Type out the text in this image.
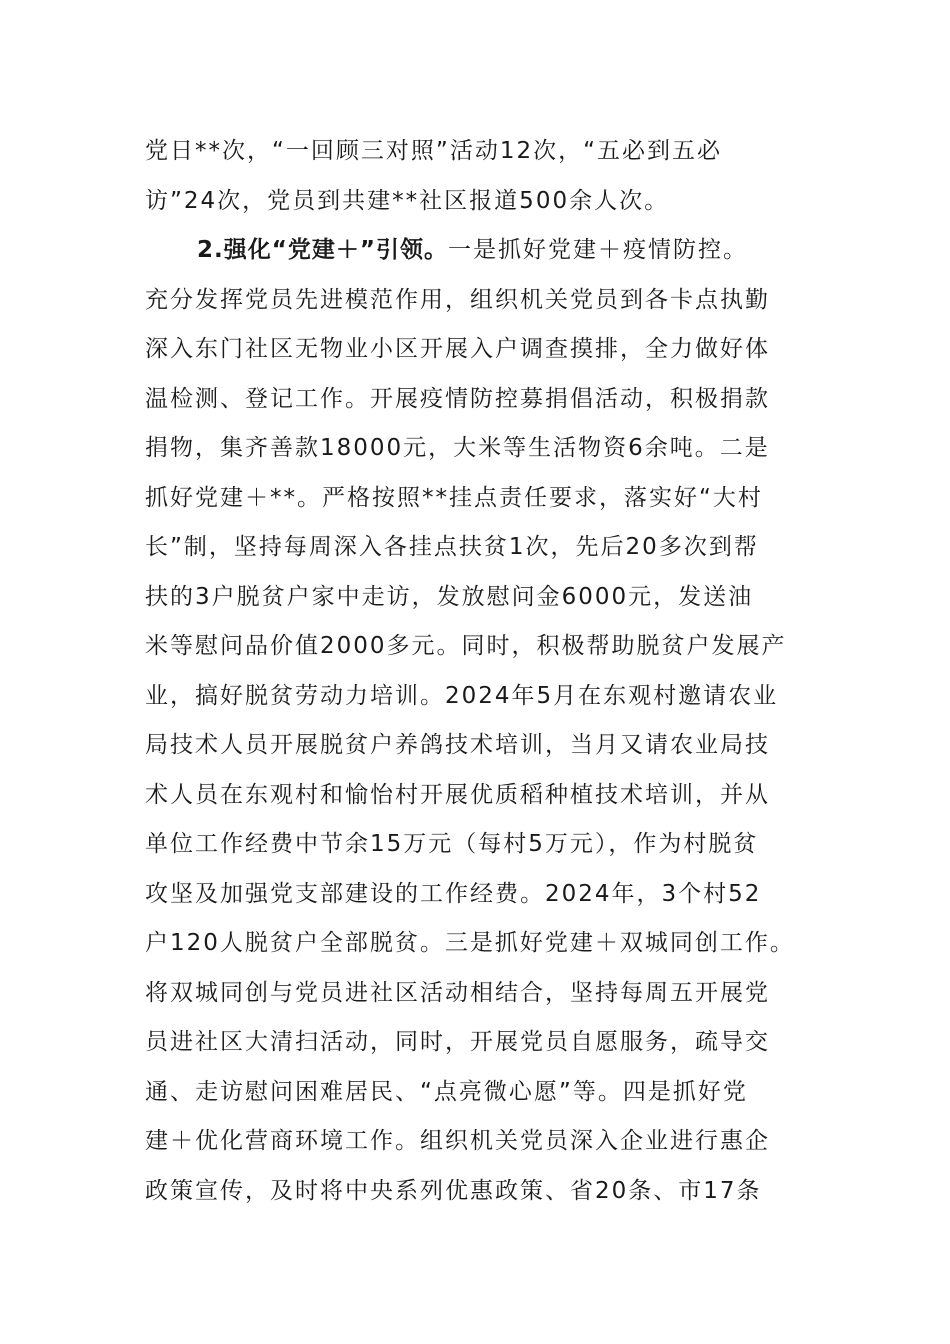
党日**次，“一回顾三对照”活动12次，“五必到五必
访”24次，党员到共建**社区报道500余人次。
2.强化“党建＋”引领。一是抓好党建＋疫情防控。
充分发挥党员先进模范作用，组织机关党员到各卡点执勤
深入东门社区无物业小区开展入户调查摸排，全力做好体
温检测、登记工作。开展疫情防控募捐倡活动，积极捐款
捐物，集齐善款18000元，大米等生活物资6余吨。二是
抓好党建＋**。严格按照**挂点责任要求，落实好“大村
长”制，坚持每周深入各挂点扶贫1次，先后20多次到帮
扶的3户脱贫户家中走访，发放慰问金6000元，发送油
米等慰问品价值2000多元。同时，积极帮助脱贫户发展产
业，搞好脱贫劳动力培训。2024年5月在东观村邀请农业
局技术人员开展脱贫户养鸽技术培训，当月又请农业局技
术人员在东观村和愉怡村开展优质稻种植技术培训，并从
单位工作经费中节余15万元（每村5万元），作为村脱贫
攻坚及加强党支部建设的工作经费。2024年，3个村52
户120人脱贫户全部脱贫。三是抓好党建＋双城同创工作。
将双城同创与党员进社区活动相结合，坚持每周五开展党
员进社区大清扫活动，同时，开展党员自愿服务，疏导交
通、走访慰问困难居民、“点亮微心愿”等。四是抓好党
建＋优化营商环境工作。组织机关党员深入企业进行惠企
政策宣传，及时将中央系列优惠政策、省20条、市17条
